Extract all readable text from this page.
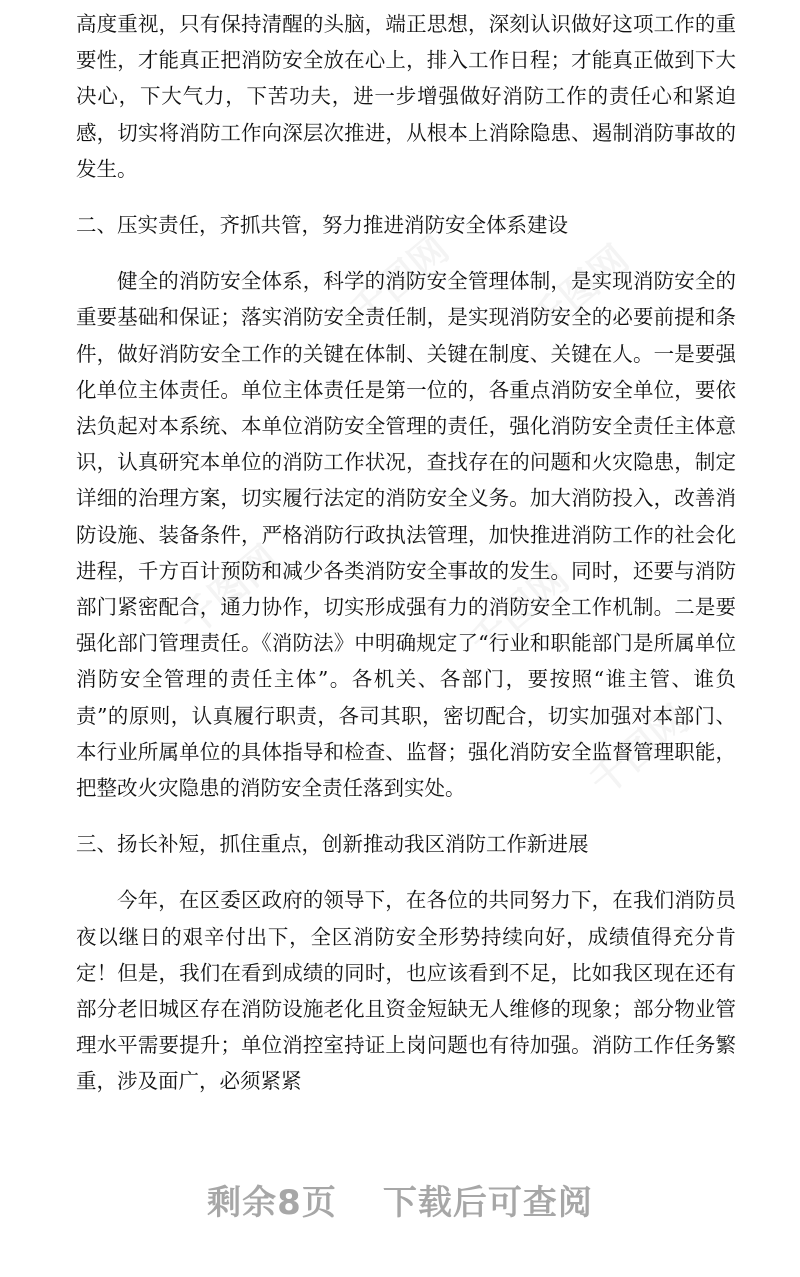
千图网 千图网
千图网
千图网
千图网

高度重视，只有保持清醒的头脑，端正思想，深刻认识做好这项工作的重要性，才能真正把消防安全放在心上，排入工作日程；才能真正做到下大决心，下大气力，下苦功夫，进一步增强做好消防工作的责任心和紧迫感，切实将消防工作向深层次推进，从根本上消除隐患、遏制消防事故的发生。

二、压实责任，齐抓共管，努力推进消防安全体系建设

健全的消防安全体系，科学的消防安全管理体制，是实现消防安全的重要基础和保证；落实消防安全责任制，是实现消防安全的必要前提和条件，做好消防安全工作的关键在体制、关键在制度、关键在人。一是要强化单位主体责任。单位主体责任是第一位的，各重点消防安全单位，要依法负起对本系统、本单位消防安全管理的责任，强化消防安全责任主体意识，认真研究本单位的消防工作状况，查找存在的问题和火灾隐患，制定详细的治理方案，切实履行法定的消防安全义务。加大消防投入，改善消防设施、装备条件，严格消防行政执法管理，加快推进消防工作的社会化进程，千方百计预防和减少各类消防安全事故的发生。同时，还要与消防部门紧密配合，通力协作，切实形成强有力的消防安全工作机制。二是要强化部门管理责任。《消防法》中明确规定了“行业和职能部门是所属单位消防安全管理的责任主体”。各机关、各部门，要按照“谁主管、谁负责”的原则，认真履行职责，各司其职，密切配合，切实加强对本部门、本行业所属单位的具体指导和检查、监督；强化消防安全监督管理职能，把整改火灾隐患的消防安全责任落到实处。

三、扬长补短，抓住重点，创新推动我区消防工作新进展

今年，在区委区政府的领导下，在各位的共同努力下，在我们消防员夜以继日的艰辛付出下，全区消防安全形势持续向好，成绩值得充分肯定！但是，我们在看到成绩的同时，也应该看到不足，比如我区现在还有部分老旧城区存在消防设施老化且资金短缺无人维修的现象；部分物业管理水平需要提升；单位消控室持证上岗问题也有待加强。消防工作任务繁重，涉及面广，必须紧紧

剩余8页 下载后可查阅
